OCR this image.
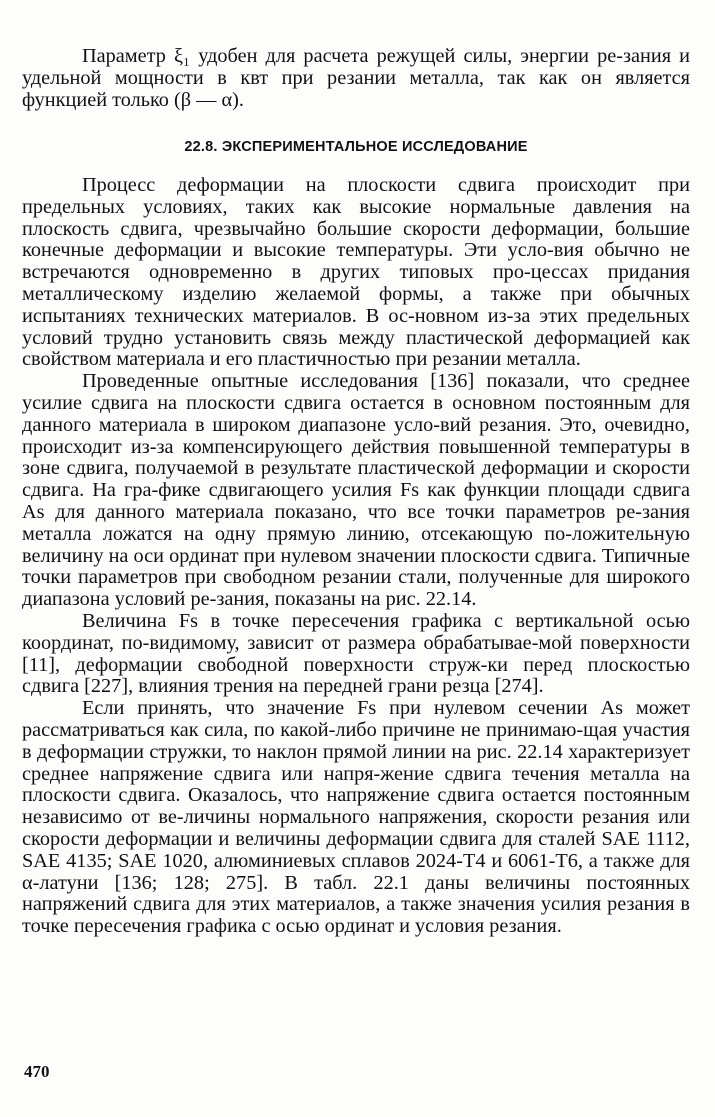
Параметр ξ₁ удобен для расчета режущей силы, энергии ре-зания и удельной мощности в квт при резании металла, так как он является функцией только (β — α).

22.8. ЭКСПЕРИМЕНТАЛЬНОЕ ИССЛЕДОВАНИЕ

Процесс деформации на плоскости сдвига происходит при предельных условиях, таких как высокие нормальные давления на плоскость сдвига, чрезвычайно большие скорости деформации, большие конечные деформации и высокие температуры. Эти усло-вия обычно не встречаются одновременно в других типовых про-цессах придания металлическому изделию желаемой формы, а также при обычных испытаниях технических материалов. В ос-новном из-за этих предельных условий трудно установить связь между пластической деформацией как свойством материала и его пластичностью при резании металла.

Проведенные опытные исследования [136] показали, что среднее усилие сдвига на плоскости сдвига остается в основном постоянным для данного материала в широком диапазоне усло-вий резания. Это, очевидно, происходит из-за компенсирующего действия повышенной температуры в зоне сдвига, получаемой в результате пластической деформации и скорости сдвига. На гра-фике сдвигающего усилия Fs как функции площади сдвига As для данного материала показано, что все точки параметров ре-зания металла ложатся на одну прямую линию, отсекающую по-ложительную величину на оси ординат при нулевом значении плоскости сдвига. Типичные точки параметров при свободном резании стали, полученные для широкого диапазона условий ре-зания, показаны на рис. 22.14.

Величина Fs в точке пересечения графика с вертикальной осью координат, по-видимому, зависит от размера обрабатывае-мой поверхности [11], деформации свободной поверхности струж-ки перед плоскостью сдвига [227], влияния трения на передней грани резца [274].

Если принять, что значение Fs при нулевом сечении As может рассматриваться как сила, по какой-либо причине не принимаю-щая участия в деформации стружки, то наклон прямой линии на рис. 22.14 характеризует среднее напряжение сдвига или напря-жение сдвига течения металла на плоскости сдвига. Оказалось, что напряжение сдвига остается постоянным независимо от ве-личины нормального напряжения, скорости резания или скорости деформации и величины деформации сдвига для сталей SAE 1112, SAE 4135; SAE 1020, алюминиевых сплавов 2024-Т4 и 6061-Т6, а также для α-латуни [136; 128; 275]. В табл. 22.1 даны величины постоянных напряжений сдвига для этих материалов, а также значения усилия резания в точке пересечения графика с осью ординат и условия резания.

470
